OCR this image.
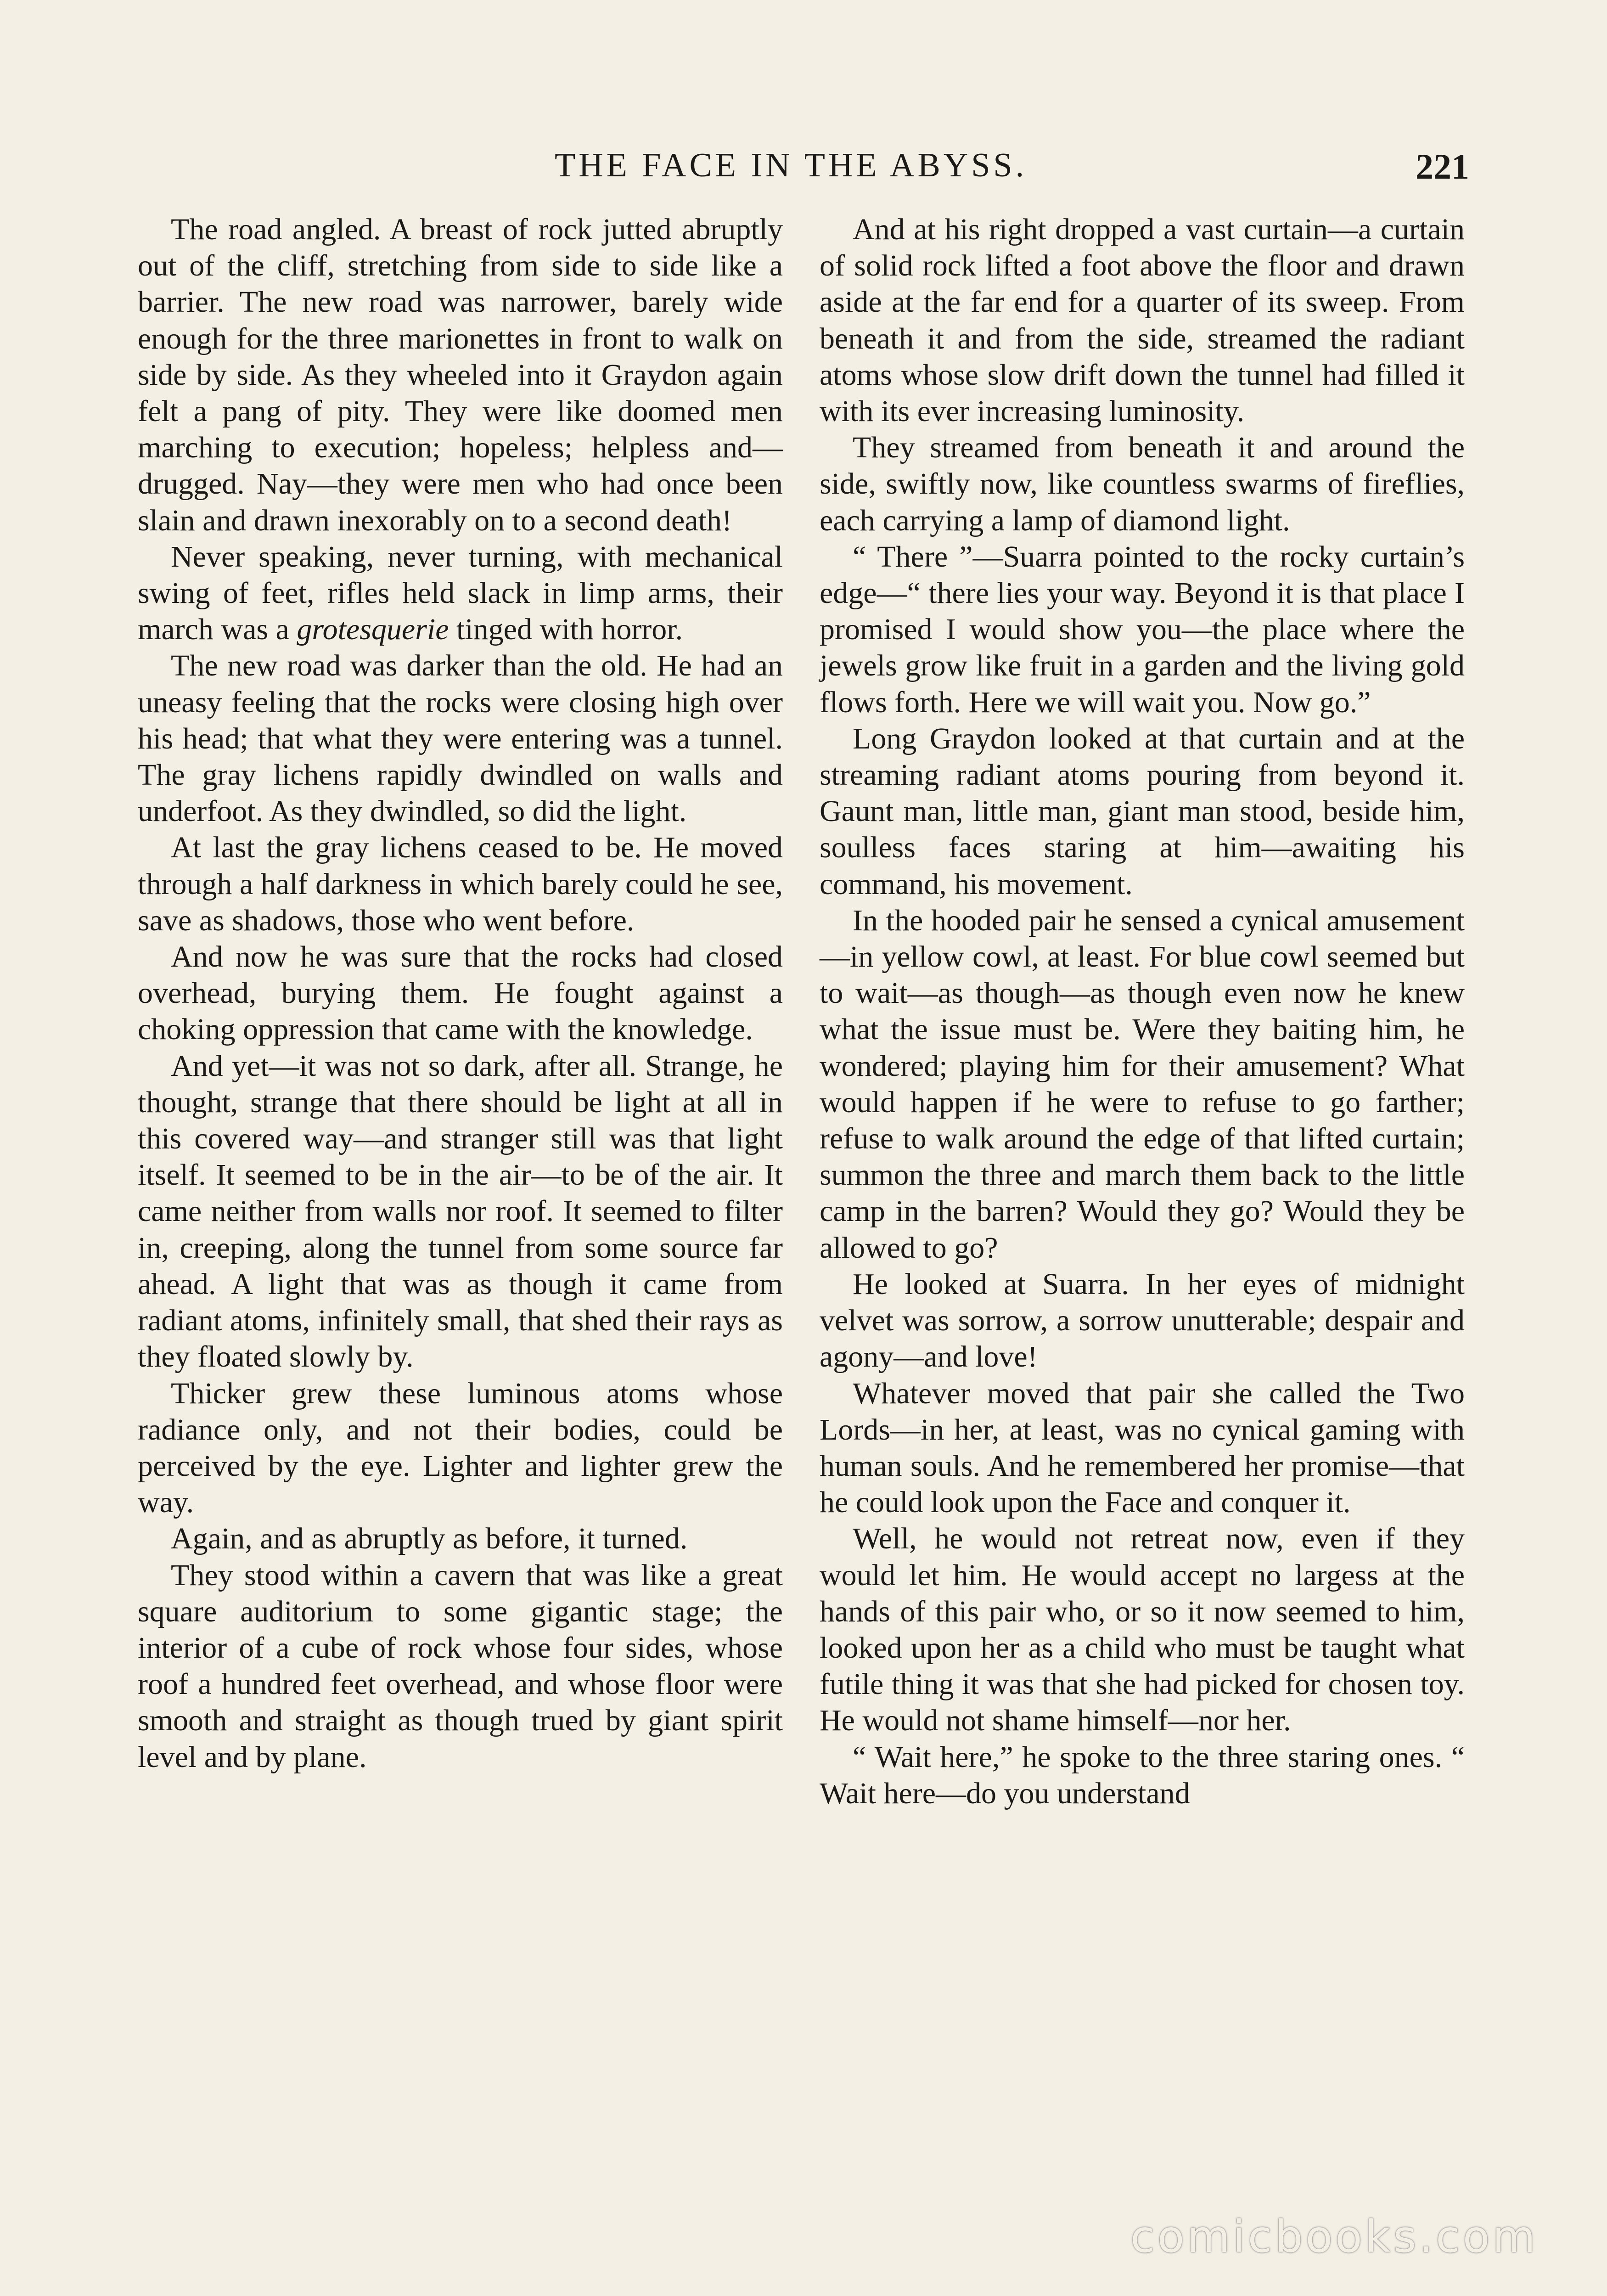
THE FACE IN THE ABYSS.	221

The road angled. A breast of rock jutted abruptly out of the cliff, stretching from side to side like a barrier. The new road was narrower, barely wide enough for the three marionettes in front to walk on side by side. As they wheeled into it Graydon again felt a pang of pity. They were like doomed men marching to execution; hopeless; helpless and—drugged. Nay—they were men who had once been slain and drawn inexorably on to a second death!

Never speaking, never turning, with mechanical swing of feet, rifles held slack in limp arms, their march was a grotesquerie tinged with horror.

The new road was darker than the old. He had an uneasy feeling that the rocks were closing high over his head; that what they were entering was a tunnel. The gray lichens rapidly dwindled on walls and underfoot. As they dwindled, so did the light.

At last the gray lichens ceased to be. He moved through a half darkness in which barely could he see, save as shadows, those who went before.

And now he was sure that the rocks had closed overhead, burying them. He fought against a choking oppression that came with the knowledge.

And yet—it was not so dark, after all. Strange, he thought, strange that there should be light at all in this covered way—and stranger still was that light itself. It seemed to be in the air—to be of the air. It came neither from walls nor roof. It seemed to filter in, creeping, along the tunnel from some source far ahead. A light that was as though it came from radiant atoms, infinitely small, that shed their rays as they floated slowly by.

Thicker grew these luminous atoms whose radiance only, and not their bodies, could be perceived by the eye. Lighter and lighter grew the way.

Again, and as abruptly as before, it turned.

They stood within a cavern that was like a great square auditorium to some gigantic stage; the interior of a cube of rock whose four sides, whose roof a hundred feet overhead, and whose floor were smooth and straight as though trued by giant spirit level and by plane.

And at his right dropped a vast curtain—a curtain of solid rock lifted a foot above the floor and drawn aside at the far end for a quarter of its sweep. From beneath it and from the side, streamed the radiant atoms whose slow drift down the tunnel had filled it with its ever increasing luminosity.

They streamed from beneath it and around the side, swiftly now, like countless swarms of fireflies, each carrying a lamp of diamond light.

“ There ”—Suarra pointed to the rocky curtain’s edge—“ there lies your way. Beyond it is that place I promised I would show you—the place where the jewels grow like fruit in a garden and the living gold flows forth. Here we will wait you. Now go.”

Long Graydon looked at that curtain and at the streaming radiant atoms pouring from beyond it. Gaunt man, little man, giant man stood, beside him, soulless faces staring at him—awaiting his command, his movement.

In the hooded pair he sensed a cynical amusement—in yellow cowl, at least. For blue cowl seemed but to wait—as though—as though even now he knew what the issue must be. Were they baiting him, he wondered; playing him for their amusement? What would happen if he were to refuse to go farther; refuse to walk around the edge of that lifted curtain; summon the three and march them back to the little camp in the barren? Would they go? Would they be allowed to go?

He looked at Suarra. In her eyes of midnight velvet was sorrow, a sorrow unutterable; despair and agony—and love!

Whatever moved that pair she called the Two Lords—in her, at least, was no cynical gaming with human souls. And he remembered her promise—that he could look upon the Face and conquer it.

Well, he would not retreat now, even if they would let him. He would accept no largess at the hands of this pair who, or so it now seemed to him, looked upon her as a child who must be taught what futile thing it was that she had picked for chosen toy. He would not shame himself—nor her.

“ Wait here,” he spoke to the three staring ones. “ Wait here—do you understand

comicbooks.com
